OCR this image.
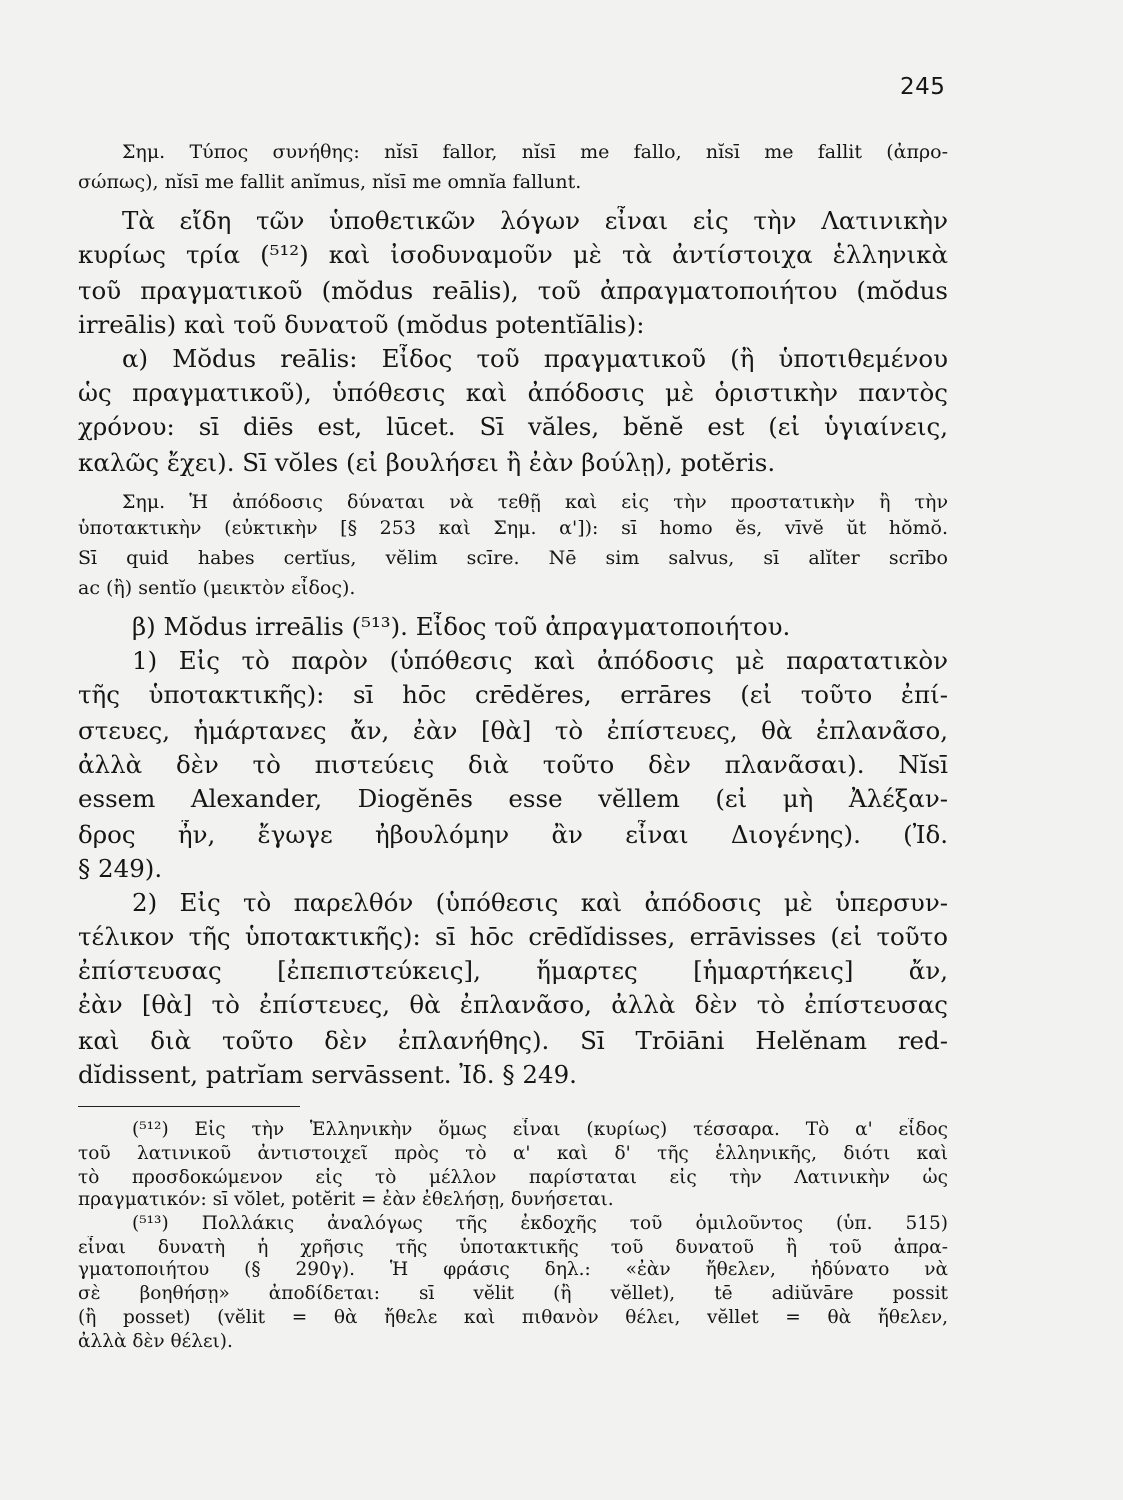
245
Σημ. Τύπος συνήθης: nĭsī fallor, nĭsī me fallo, nĭsī me fallit (ἀπρο-
σώπως), nĭsī me fallit anĭmus, nĭsī me omnĭa fallunt.
Τὰ εἴδη τῶν ὑποθετικῶν λόγων εἶναι εἰς τὴν Λατινικὴν
κυρίως τρία (⁵¹²) καὶ ἰσοδυναμοῦν μὲ τὰ ἀντίστοιχα ἑλληνικὰ
τοῦ πραγματικοῦ (mŏdus reālis), τοῦ ἀπραγματοποιήτου (mŏdus
irreālis) καὶ τοῦ δυνατοῦ (mŏdus potentĭālis):
α) Mŏdus reālis: Εἶδος τοῦ πραγματικοῦ (ἢ ὑποτιθεμένου
ὡς πραγματικοῦ), ὑπόθεσις καὶ ἀπόδοσις μὲ ὁριστικὴν παντὸς
χρόνου: sī diēs est, lūcet. Sī văles, bĕnĕ est (εἰ ὑγιαίνεις,
καλῶς ἔχει). Sī vŏles (εἰ βουλήσει ἢ ἐὰν βούλῃ), potĕris.
Σημ. Ἡ ἀπόδοσις δύναται νὰ τεθῇ καὶ εἰς τὴν προστατικὴν ἢ τὴν
ὑποτακτικὴν (εὐκτικὴν [§ 253 καὶ Σημ. α']): sī homo ĕs, vīvĕ ŭt hŏmŏ.
Sī quid habes certĭus, vĕlim scīre. Nē sim salvus, sī alĭter scrībo
ac (ἢ) sentĭo (μεικτὸν εἶδος).
β) Mŏdus irreālis (⁵¹³). Εἶδος τοῦ ἀπραγματοποιήτου.
1) Εἰς τὸ παρὸν (ὑπόθεσις καὶ ἀπόδοσις μὲ παρατατικὸν
τῆς ὑποτακτικῆς): sī hōc crēdĕres, errāres (εἰ τοῦτο ἐπί-
στευες, ἡμάρτανες ἄν, ἐὰν [θὰ] τὸ ἐπίστευες, θὰ ἐπλανᾶσο,
ἀλλὰ δὲν τὸ πιστεύεις διὰ τοῦτο δὲν πλανᾶσαι). Nĭsī
essem Alexander, Diogĕnēs esse vĕllem (εἰ μὴ Ἀλέξαν-
δρος ἦν, ἔγωγε ἠβουλόμην ἂν εἶναι Διογένης). (Ἰδ.
§ 249).
2) Εἰς τὸ παρελθόν (ὑπόθεσις καὶ ἀπόδοσις μὲ ὑπερσυν-
τέλικον τῆς ὑποτακτικῆς): sī hōc crēdĭdisses, errāvisses (εἰ τοῦτο
ἐπίστευσας [ἐπεπιστεύκεις], ἥμαρτες [ἡμαρτήκεις] ἄν,
ἐὰν [θὰ] τὸ ἐπίστευες, θὰ ἐπλανᾶσο, ἀλλὰ δὲν τὸ ἐπίστευσας
καὶ διὰ τοῦτο δὲν ἐπλανήθης). Sī Trōiāni Helĕnam red-
dĭdissent, patrĭam servāssent. Ἰδ. § 249.
(⁵¹²) Εἰς τὴν Ἑλληνικὴν ὅμως εἶναι (κυρίως) τέσσαρα. Τὸ α' εἶδος
τοῦ λατινικοῦ ἀντιστοιχεῖ πρὸς τὸ α' καὶ δ' τῆς ἑλληνικῆς, διότι καὶ
τὸ προσδοκώμενον εἰς τὸ μέλλον παρίσταται εἰς τὴν Λατινικὴν ὡς
πραγματικόν: sī vŏlet, potĕrit = ἐὰν ἐθελήσῃ, δυνήσεται.
(⁵¹³) Πολλάκις ἀναλόγως τῆς ἐκδοχῆς τοῦ ὁμιλοῦντος (ὑπ. 515)
εἶναι δυνατὴ ἡ χρῆσις τῆς ὑποτακτικῆς τοῦ δυνατοῦ ἢ τοῦ ἀπρα-
γματοποιήτου (§ 290γ). Ἡ φράσις δηλ.: «ἐὰν ἤθελεν, ἠδύνατο νὰ
σὲ βοηθήσῃ» ἀποδίδεται: sī vĕlit (ἢ vĕllet), tē adiŭvāre possit
(ἢ posset) (vĕlit = θὰ ἤθελε καὶ πιθανὸν θέλει, vĕllet = θὰ ἤθελεν,
ἀλλὰ δὲν θέλει).
